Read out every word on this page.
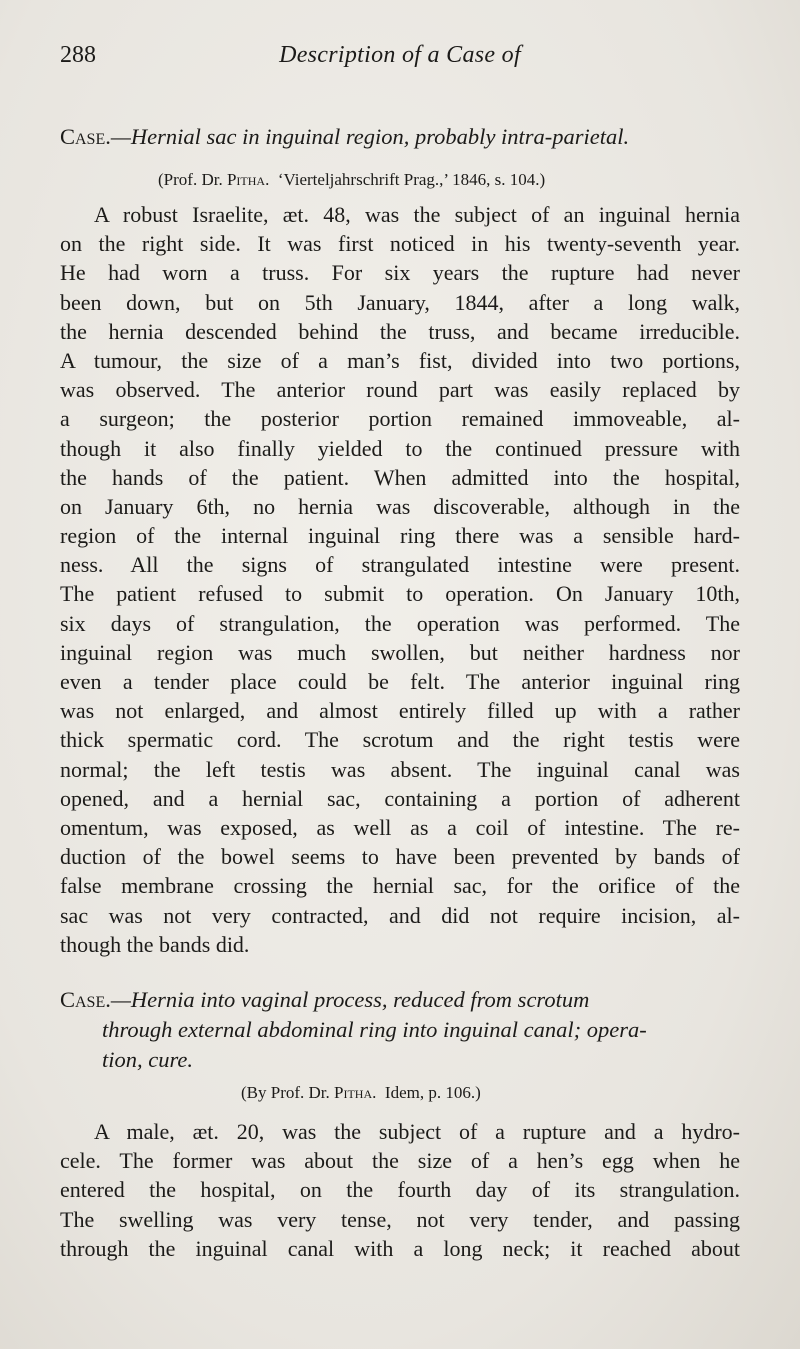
288	Description of a Case of
Case.—Hernial sac in inguinal region, probably intra-parietal.
(Prof. Dr. Pitha.  ‘Vierteljahrschrift Prag.,’ 1846, s. 104.)
A robust Israelite, æt. 48, was the subject of an inguinal hernia
on the right side. It was first noticed in his twenty-seventh year.
He had worn a truss. For six years the rupture had never
been down, but on 5th January, 1844, after a long walk,
the hernia descended behind the truss, and became irreducible.
A tumour, the size of a man’s fist, divided into two portions,
was observed. The anterior round part was easily replaced by
a surgeon; the posterior portion remained immoveable, al-
though it also finally yielded to the continued pressure with
the hands of the patient. When admitted into the hospital,
on January 6th, no hernia was discoverable, although in the
region of the internal inguinal ring there was a sensible hard-
ness. All the signs of strangulated intestine were present.
The patient refused to submit to operation. On January 10th,
six days of strangulation, the operation was performed. The
inguinal region was much swollen, but neither hardness nor
even a tender place could be felt. The anterior inguinal ring
was not enlarged, and almost entirely filled up with a rather
thick spermatic cord. The scrotum and the right testis were
normal; the left testis was absent. The inguinal canal was
opened, and a hernial sac, containing a portion of adherent
omentum, was exposed, as well as a coil of intestine. The re-
duction of the bowel seems to have been prevented by bands of
false membrane crossing the hernial sac, for the orifice of the
sac was not very contracted, and did not require incision, al-
though the bands did.
Case.—Hernia into vaginal process, reduced from scrotum
through external abdominal ring into inguinal canal; opera-
tion, cure.
(By Prof. Dr. Pitha.  Idem, p. 106.)
A male, æt. 20, was the subject of a rupture and a hydro-
cele. The former was about the size of a hen’s egg when he
entered the hospital, on the fourth day of its strangulation.
The swelling was very tense, not very tender, and passing
through the inguinal canal with a long neck; it reached about
